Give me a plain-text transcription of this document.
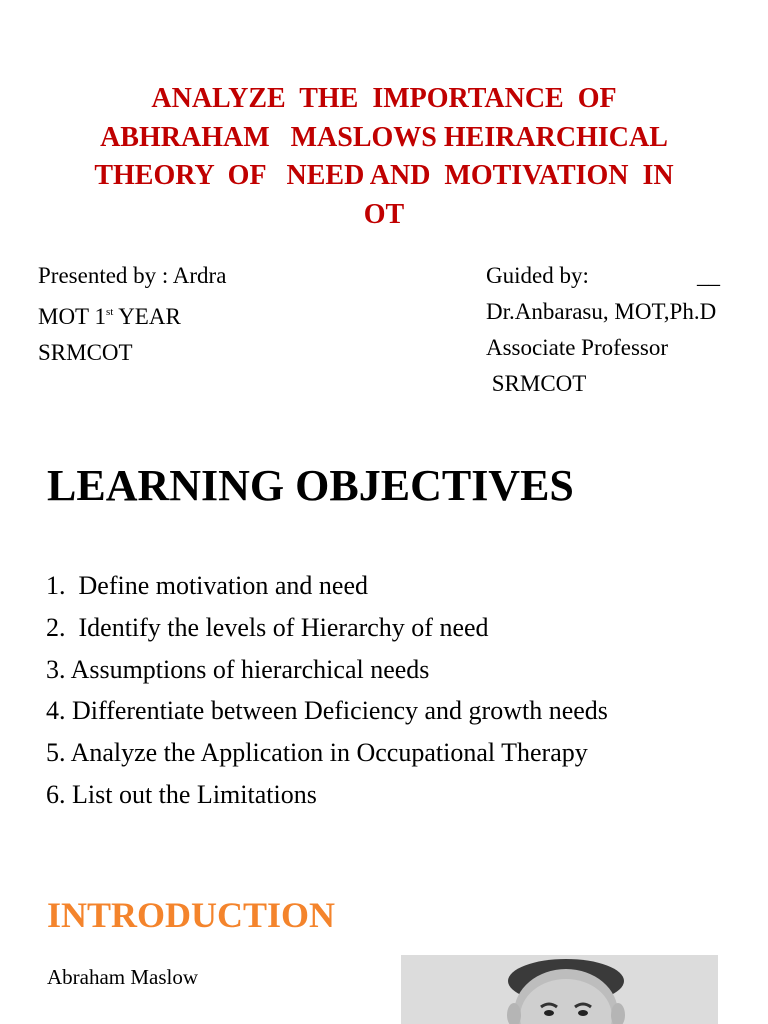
ANALYZE  THE  IMPORTANCE  OF
ABHRAHAM   MASLOWS HEIRARCHICAL
THEORY  OF   NEED AND  MOTIVATION  IN
OT
Presented by : Ardra
MOT 1st YEAR
SRMCOT
Guided by:
Dr.Anbarasu, MOT,Ph.D
Associate Professor
SRMCOT
__
LEARNING OBJECTIVES
1.  Define motivation and need
2.  Identify the levels of Hierarchy of need
3. Assumptions of hierarchical needs
4. Differentiate between Deficiency and growth needs
5. Analyze the Application in Occupational Therapy
6. List out the Limitations
INTRODUCTION
Abraham Maslow
